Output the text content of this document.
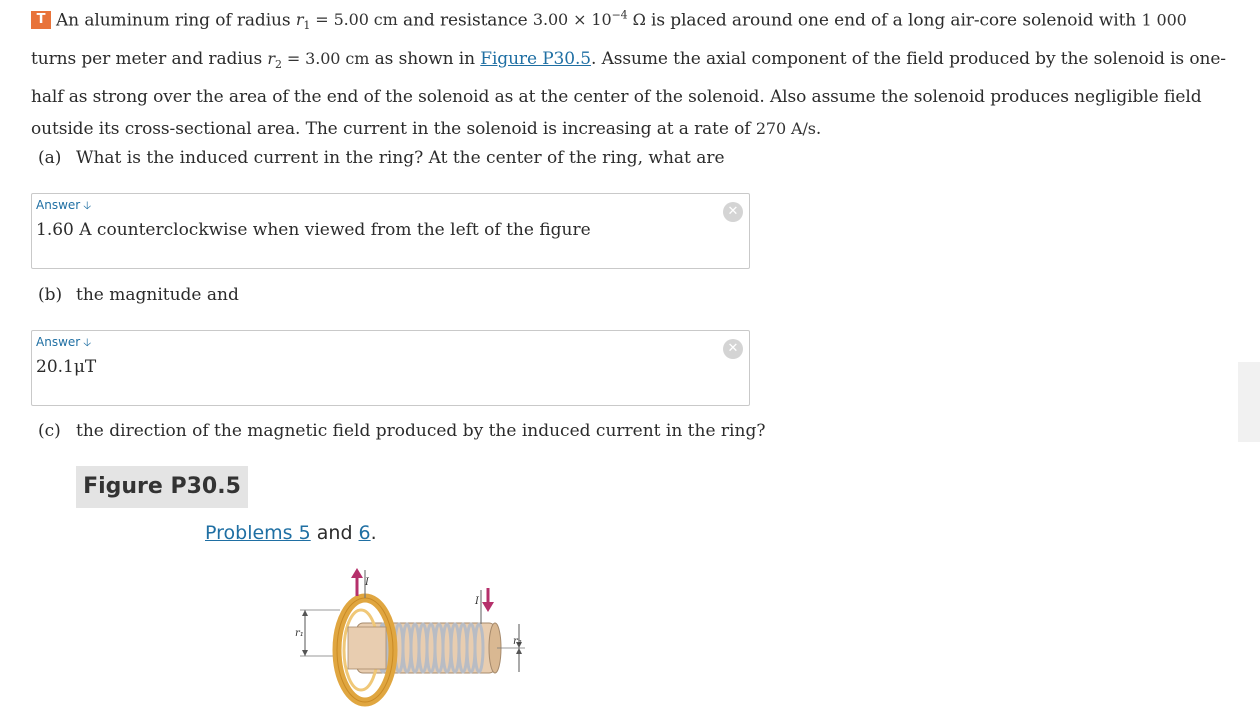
T An aluminum ring of radius $r_1 = 5.00$ cm and resistance $3.00 \times 10^{-4}$ Ω is placed around one end of a long air-core solenoid with 1 000 turns per meter and radius $r_2 = 3.00$ cm as shown in Figure P30.5. Assume the axial component of the field produced by the solenoid is one-half as strong over the area of the end of the solenoid as at the center of the solenoid. Also assume the solenoid produces negligible field outside its cross-sectional area. The current in the solenoid is increasing at a rate of 270 A/s.
(a) What is the induced current in the ring? At the center of the ring, what are
Answer 🡣
1.60 A counterclockwise when viewed from the left of the figure
✕
(b) the magnitude and
Answer 🡣
20.1μT
✕
(c) the direction of the magnetic field produced by the induced current in the ring?
Figure P30.5
Problems 5 and 6.
r₁
I
I
r₂
